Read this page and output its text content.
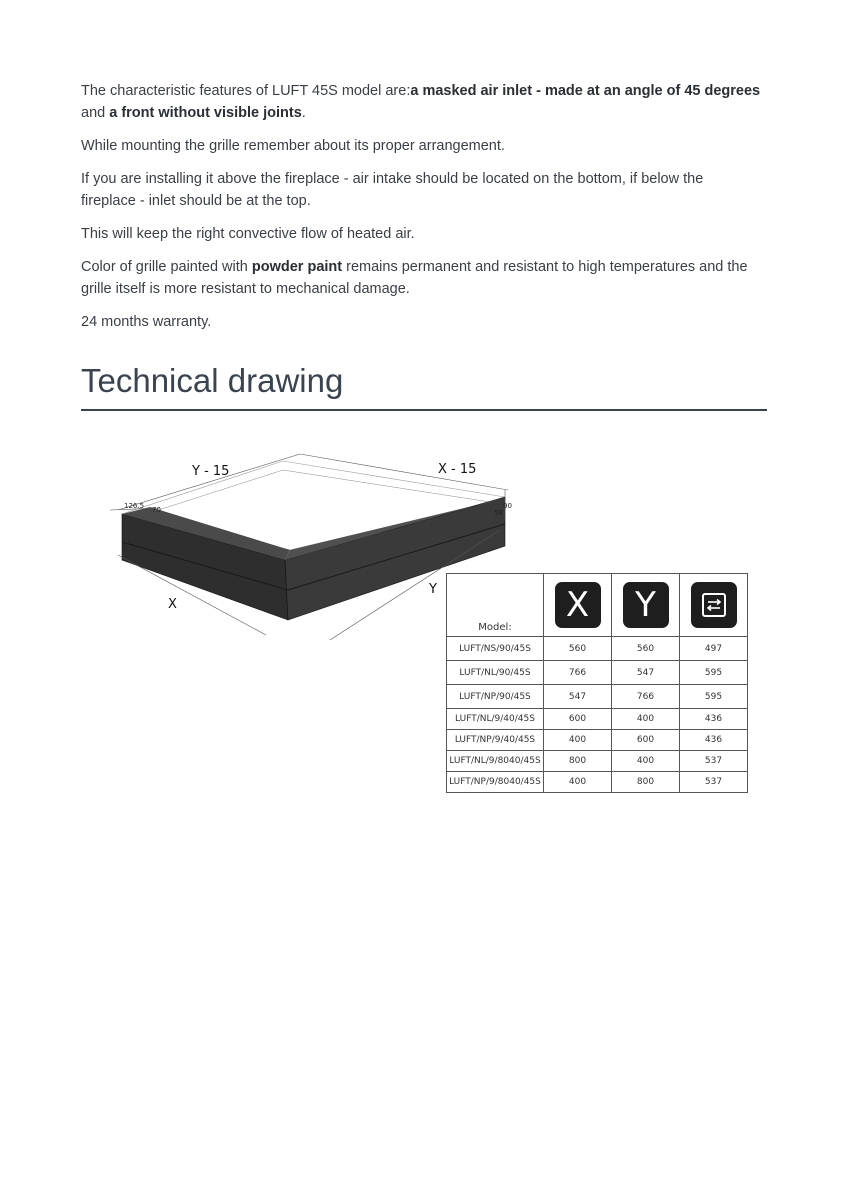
The characteristic features of LUFT 45S model are:a masked air inlet - made at an angle of 45 degrees and a front without visible joints.

While mounting the grille remember about its proper arrangement.

If you are installing it above the fireplace - air intake should be located on the bottom, if below the fireplace - inlet should be at the top.

This will keep the right convective flow of heated air.

Color of grille painted with powder paint remains permanent and resistant to high temperatures and the grille itself is more resistant to mechanical damage.

24 months warranty.

Technical drawing
Y - 15	X - 15
X
Y
126.5 70	90
58
Model:	X	Y	
LUFT/NS/90/45S	560	560	497
LUFT/NL/90/45S	766	547	595
LUFT/NP/90/45S	547	766	595
LUFT/NL/9/40/45S	600	400	436
LUFT/NP/9/40/45S	400	600	436
LUFT/NL/9/8040/45S	800	400	537
LUFT/NP/9/8040/45S	400	800	537
